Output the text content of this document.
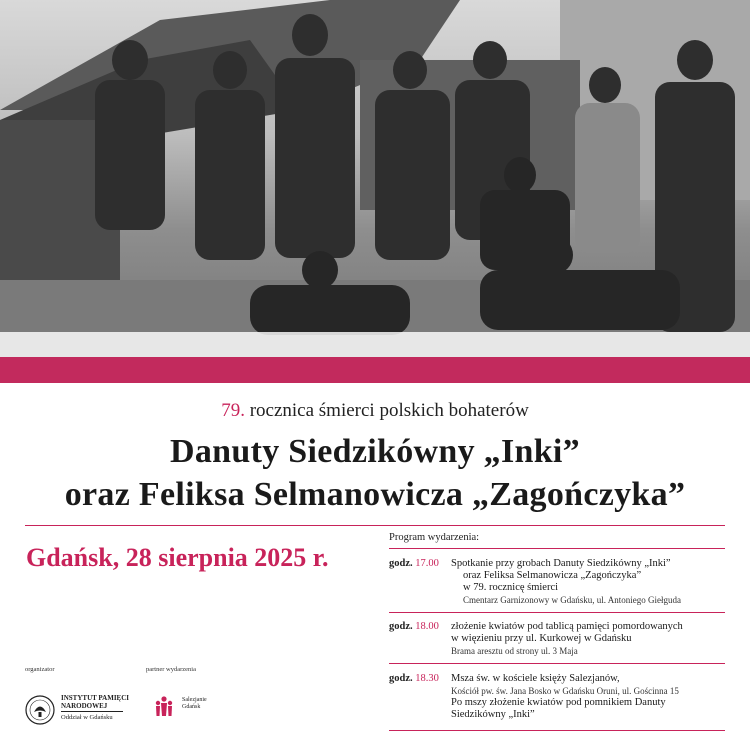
79. rocznica śmierci polskich bohaterów
Danuty Siedzikówny „Inki”
oraz Feliksa Selmanowicza „Zagończyka”
Gdańsk, 28 sierpnia 2025 r.
Program wydarzenia:
godz. 17.00 Spotkanie przy grobach Danuty Siedzikówny „Inki”
oraz Feliksa Selmanowicza „Zagończyka”
w 79. rocznicę śmierci
Cmentarz Garnizonowy w Gdańsku, ul. Antoniego Giełguda
godz. 18.00 złożenie kwiatów pod tablicą pamięci pomordowanych
w więzieniu przy ul. Kurkowej w Gdańsku
Brama aresztu od strony ul. 3 Maja
godz. 18.30 Msza św. w kościele księży Salezjanów,
Kościół pw. św. Jana Bosko w Gdańsku Oruni, ul. Gościnna 15
Po mszy złożenie kwiatów pod pomnikiem Danuty
Siedzikówny „Inki”
organizator	partner wydarzenia
INSTYTUT PAMIĘCI
NARODOWEJ
Oddział w Gdańsku
Salezjanie
Gdańsk
